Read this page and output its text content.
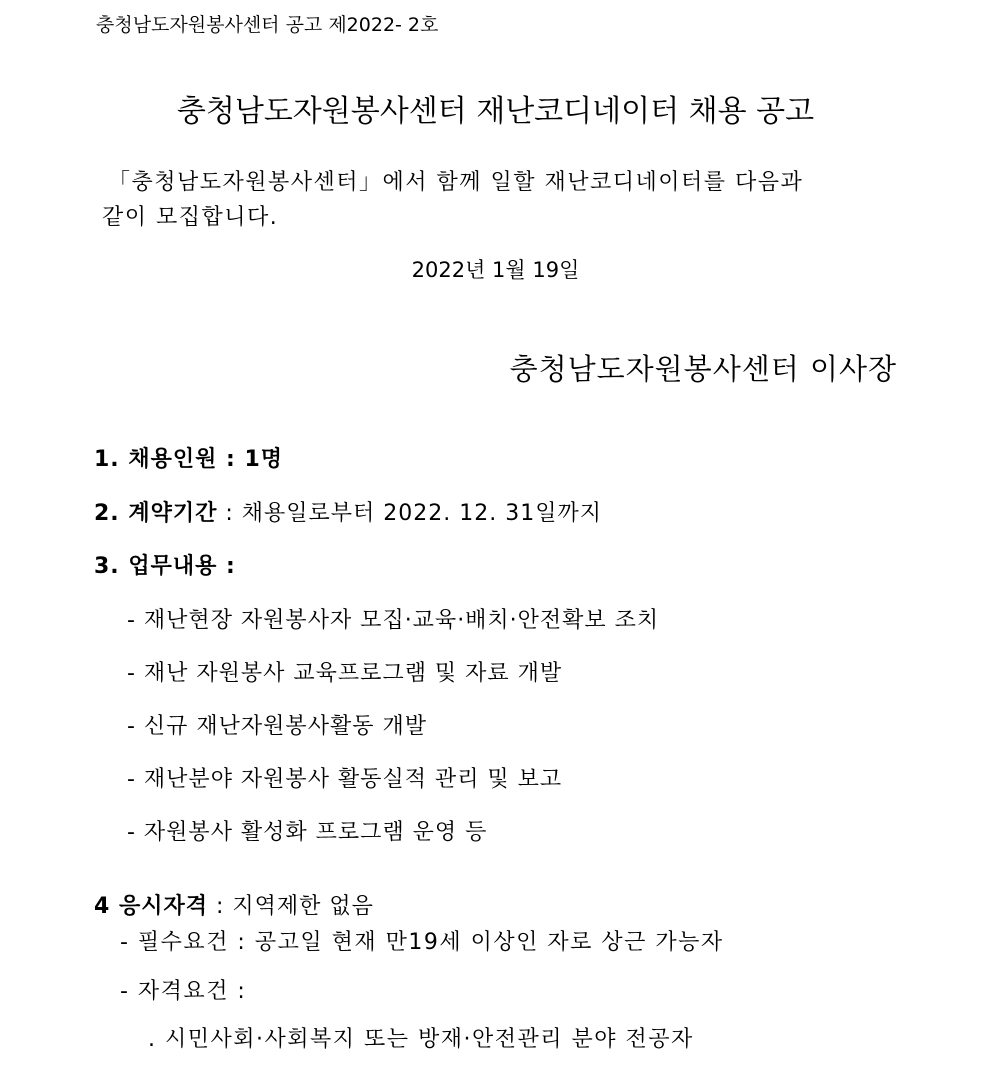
충청남도자원봉사센터 공고 제2022- 2호
충청남도자원봉사센터 재난코디네이터 채용 공고
「충청남도자원봉사센터」에서 함께 일할 재난코디네이터를 다음과
같이 모집합니다.
2022년 1월 19일
충청남도자원봉사센터 이사장
1. 채용인원 : 1명
2. 계약기간 : 채용일로부터 2022. 12. 31일까지
3. 업무내용 :
- 재난현장 자원봉사자 모집·교육·배치·안전확보 조치
- 재난 자원봉사 교육프로그램 및 자료 개발
- 신규 재난자원봉사활동 개발
- 재난분야 자원봉사 활동실적 관리 및 보고
- 자원봉사 활성화 프로그램 운영 등
4 응시자격 : 지역제한 없음
- 필수요건 : 공고일 현재 만19세 이상인 자로 상근 가능자
- 자격요건 :
. 시민사회·사회복지 또는 방재·안전관리 분야 전공자
